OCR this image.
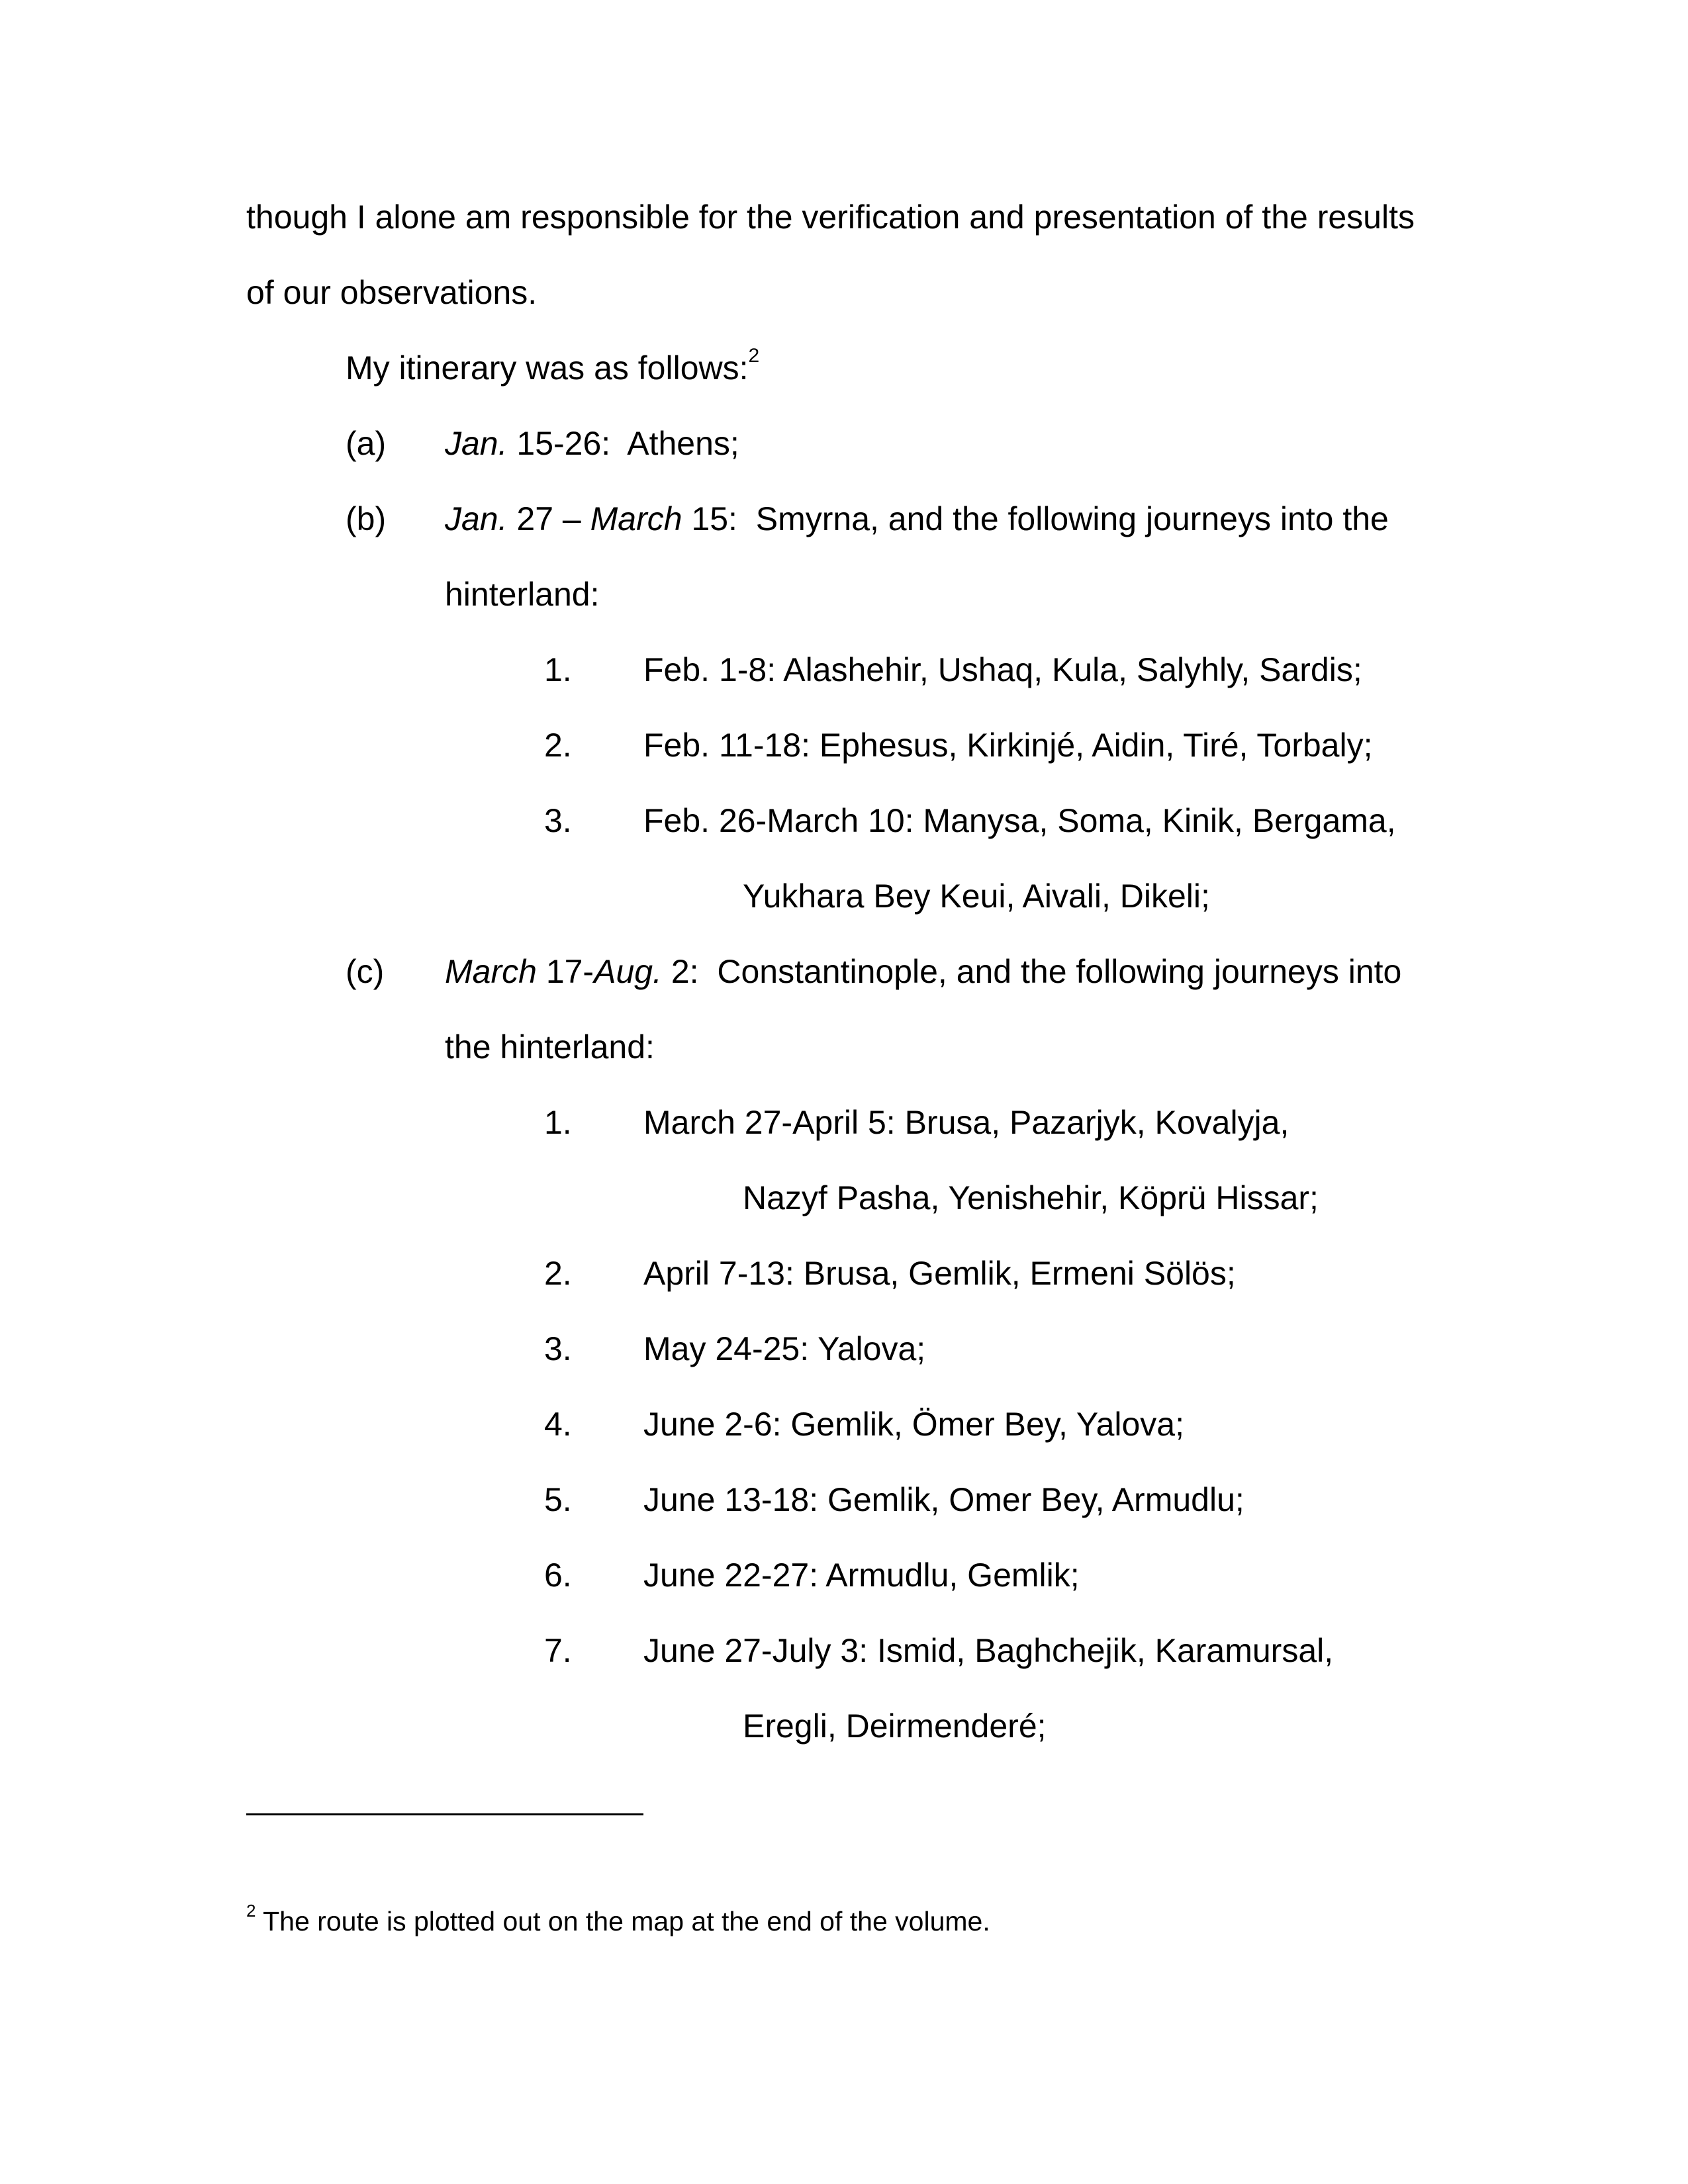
though I alone am responsible for the verification and presentation of the results
of our observations.
My itinerary was as follows:$^2$
(a) Jan. 15-26: Athens;
(b) Jan. 27 – March 15: Smyrna, and the following journeys into the
hinterland:
1. Feb. 1-8: Alashehir, Ushaq, Kula, Salyhly, Sardis;
2. Feb. 11-18: Ephesus, Kirkinjé, Aidin, Tiré, Torbaly;
3. Feb. 26-March 10: Manysa, Soma, Kinik, Bergama,
Yukhara Bey Keui, Aivali, Dikeli;
(c) March 17-Aug. 2: Constantinople, and the following journeys into
the hinterland:
1. March 27-April 5: Brusa, Pazarjyk, Kovalyja,
Nazyf Pasha, Yenishehir, Köprü Hissar;
2. April 7-13: Brusa, Gemlik, Ermeni Sölös;
3. May 24-25: Yalova;
4. June 2-6: Gemlik, Ömer Bey, Yalova;
5. June 13-18: Gemlik, Omer Bey, Armudlu;
6. June 22-27: Armudlu, Gemlik;
7. June 27-July 3: Ismid, Baghchejik, Karamursal,
Eregli, Deirmenderé;
$^2$ The route is plotted out on the map at the end of the volume.
